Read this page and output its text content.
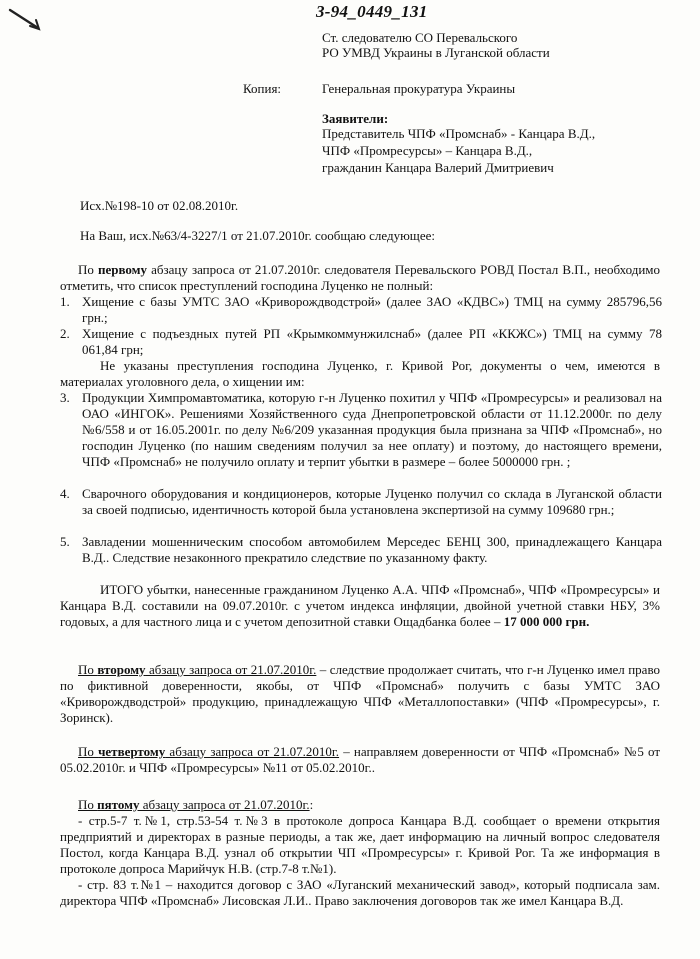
3-94_0449_131
Ст. следователю СО Перевальского
РО УМВД Украины в Луганской области
Копия:	Генеральная прокуратура Украины
Заявители:
Представитель ЧПФ «Промснаб» - Канцара В.Д.,
ЧПФ «Промресурсы» – Канцара В.Д.,
гражданин Канцара Валерий Дмитриевич
Исх.№198-10 от 02.08.2010г.
На Ваш, исх.№63/4-3227/1 от 21.07.2010г. сообщаю следующее:
По первому абзацу запроса от 21.07.2010г. следователя Перевальского РОВД Постал В.П., необходимо отметить, что список преступлений господина Луценко не полный:
1. Хищение с базы УМТС ЗАО «Криворождводстрой» (далее ЗАО «КДВС») ТМЦ на сумму 285796,56 грн.;
2. Хищение с подъездных путей РП «Крымкоммунжилснаб» (далее РП «ККЖС») ТМЦ на сумму 78 061,84 грн;
Не указаны преступления господина Луценко, г. Кривой Рог, документы о чем, имеются в материалах уголовного дела, о хищении им:
3. Продукции Химпромавтоматика, которую г-н Луценко похитил у ЧПФ «Промресурсы» и реализовал на ОАО «ИНГОК». Решениями Хозяйственного суда Днепропетровской области от 11.12.2000г. по делу №6/558 и от 16.05.2001г. по делу №6/209 указанная продукция была признана за ЧПФ «Промснаб», но господин Луценко (по нашим сведениям получил за нее оплату) и поэтому, до настоящего времени, ЧПФ «Промснаб» не получило оплату и терпит убытки в размере – более 5000000 грн. ;
4. Сварочного оборудования и кондиционеров, которые Луценко получил со склада в Луганской области за своей подписью, идентичность которой была установлена экспертизой на сумму 109680 грн.;
5. Завладении мошенническим способом автомобилем Мерседес БЕНЦ 300, принадлежащего Канцара В.Д.. Следствие незаконного прекратило следствие по указанному факту.
ИТОГО убытки, нанесенные гражданином Луценко А.А. ЧПФ «Промснаб», ЧПФ «Промресурсы» и Канцара В.Д. составили на 09.07.2010г. с учетом индекса инфляции, двойной учетной ставки НБУ, 3% годовых, а для частного лица и с учетом депозитной ставки Ощадбанка более – 17 000 000 грн.
По второму абзацу запроса от 21.07.2010г. – следствие продолжает считать, что г-н Луценко имел право по фиктивной доверенности, якобы, от ЧПФ «Промснаб» получить с базы УМТС ЗАО «Криворождводстрой» продукцию, принадлежащую ЧПФ «Металлопоставки» (ЧПФ «Промресурсы», г. Зоринск).
По четвертому абзацу запроса от 21.07.2010г. – направляем доверенности от ЧПФ «Промснаб» №5 от 05.02.2010г. и ЧПФ «Промресурсы» №11 от 05.02.2010г..
По пятому абзацу запроса от 21.07.2010г.:
- стр.5-7 т.№1, стр.53-54 т.№3 в протоколе допроса Канцара В.Д. сообщает о времени открытия предприятий и директорах в разные периоды, а так же, дает информацию на личный вопрос следователя Постол, когда Канцара В.Д. узнал об открытии ЧП «Промресурсы» г. Кривой Рог. Та же информация в протоколе допроса Марийчук Н.В. (стр.7-8 т.№1).
- стр. 83 т.№1 – находится договор с ЗАО «Луганский механический завод», который подписала зам. директора ЧПФ «Промснаб» Лисовская Л.И.. Право заключения договоров так же имел Канцара В.Д.
